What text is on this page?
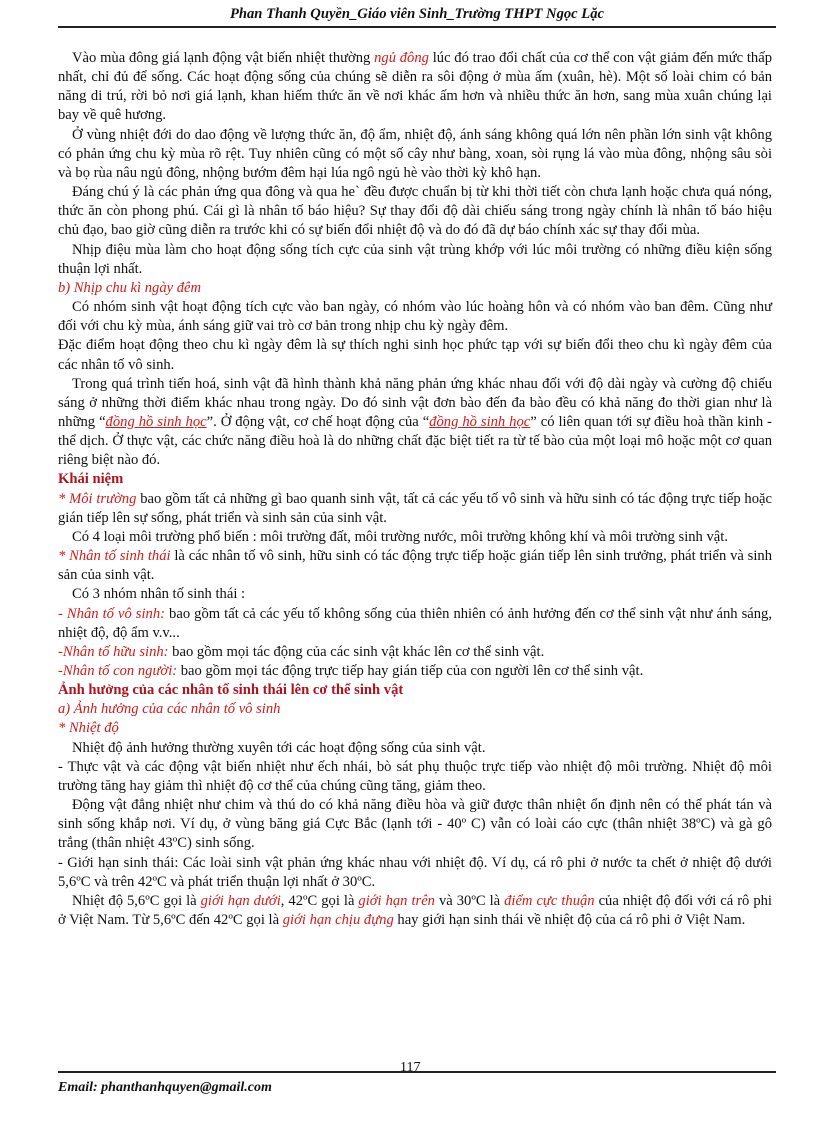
Phan Thanh Quyền_Giáo viên Sinh_Trường THPT Ngọc Lặc

Vào mùa đông giá lạnh động vật biến nhiệt thường ngủ đông lúc đó trao đổi chất của cơ thể con vật giảm đến mức thấp nhất, chỉ đủ để sống. Các hoạt động sống của chúng sẽ diễn ra sôi động ở mùa ấm (xuân, hè). Một số loài chim có bản năng di trú, rời bỏ nơi giá lạnh, khan hiếm thức ăn về nơi khác ấm hơn và nhiều thức ăn hơn, sang mùa xuân chúng lại bay về quê hương.

Ở vùng nhiệt đới do dao động về lượng thức ăn, độ ẩm, nhiệt độ, ánh sáng không quá lớn nên phần lớn sinh vật không có phản ứng chu kỳ mùa rõ rệt. Tuy nhiên cũng có một số cây như bàng, xoan, sòi rụng lá vào mùa đông, nhộng sâu sòi và bọ rùa nâu ngủ đông, nhộng bướm đêm hại lúa ngô ngủ hè vào thời kỳ khô hạn.

Đáng chú ý là các phản ứng qua đông và qua he` đều được chuẩn bị từ khi thời tiết còn chưa lạnh hoặc chưa quá nóng, thức ăn còn phong phú. Cái gì là nhân tố báo hiệu? Sự thay đổi độ dài chiếu sáng trong ngày chính là nhân tố báo hiệu chủ đạo, bao giờ cũng diễn ra trước khi có sự biến đổi nhiệt độ và do đó đã dự báo chính xác sự thay đổi mùa.

Nhịp điệu mùa làm cho hoạt động sống tích cực của sinh vật trùng khớp với lúc môi trường có những điều kiện sống thuận lợi nhất.

b) Nhịp chu kì ngày đêm

Có nhóm sinh vật hoạt động tích cực vào ban ngày, có nhóm vào lúc hoàng hôn và có nhóm vào ban đêm. Cũng như đối với chu kỳ mùa, ánh sáng giữ vai trò cơ bản trong nhịp chu kỳ ngày đêm.

Đặc điểm hoạt động theo chu kì ngày đêm là sự thích nghi sinh học phức tạp với sự biến đổi theo chu kì ngày đêm của các nhân tố vô sinh.

Trong quá trình tiến hoá, sinh vật đã hình thành khả năng phản ứng khác nhau đối với độ dài ngày và cường độ chiếu sáng ở những thời điểm khác nhau trong ngày. Do đó sinh vật đơn bào đến đa bào đều có khả năng đo thời gian như là những “đồng hồ sinh học”. Ở động vật, cơ chế hoạt động của “đồng hồ sinh học” có liên quan tới sự điều hoà thần kinh - thể dịch. Ở thực vật, các chức năng điều hoà là do những chất đặc biệt tiết ra từ tế bào của một loại mô hoặc một cơ quan riêng biệt nào đó.

Khái niệm

* Môi trường bao gồm tất cả những gì bao quanh sinh vật, tất cả các yếu tố vô sinh và hữu sinh có tác động trực tiếp hoặc gián tiếp lên sự sống, phát triển và sinh sản của sinh vật.

Có 4 loại môi trường phổ biến : môi trường đất, môi trường nước, môi trường không khí và môi trường sinh vật.

* Nhân tố sinh thái là các nhân tố vô sinh, hữu sinh có tác động trực tiếp hoặc gián tiếp lên sinh trưởng, phát triển và sinh sản của sinh vật.

Có 3 nhóm nhân tố sinh thái :

- Nhân tố vô sinh: bao gồm tất cả các yếu tố không sống của thiên nhiên có ảnh hưởng đến cơ thể sinh vật như ánh sáng, nhiệt độ, độ ẩm v.v...

-Nhân tố hữu sinh: bao gồm mọi tác động của các sinh vật khác lên cơ thể sinh vật.

-Nhân tố con người: bao gồm mọi tác động trực tiếp hay gián tiếp của con người lên cơ thể sinh vật.

Ảnh hưởng của các nhân tố sinh thái lên cơ thể sinh vật

a) Ảnh hưởng của các nhân tố vô sinh

* Nhiệt độ

Nhiệt độ ảnh hưởng thường xuyên tới các hoạt động sống của sinh vật.

- Thực vật và các động vật biến nhiệt như ếch nhái, bò sát phụ thuộc trực tiếp vào nhiệt độ môi trường. Nhiệt độ môi trường tăng hay giảm thì nhiệt độ cơ thể của chúng cũng tăng, giảm theo.

Động vật đẳng nhiệt như chim và thú do có khả năng điều hòa và giữ được thân nhiệt ổn định nên có thể phát tán và sinh sống khắp nơi. Ví dụ, ở vùng băng giá Cực Bắc (lạnh tới - 40º C) vẫn có loài cáo cực (thân nhiệt 38ºC) và gà gô trắng (thân nhiệt 43ºC) sinh sống.

- Giới hạn sinh thái: Các loài sinh vật phản ứng khác nhau với nhiệt độ. Ví dụ, cá rô phi ở nước ta chết ở nhiệt độ dưới 5,6ºC và trên 42ºC và phát triển thuận lợi nhất ở 30ºC.

Nhiệt độ 5,6ºC gọi là giới hạn dưới, 42ºC gọi là giới hạn trên và 30ºC là điểm cực thuận của nhiệt độ đối với cá rô phi ở Việt Nam. Từ 5,6ºC đến 42ºC gọi là giới hạn chịu đựng hay giới hạn sinh thái về nhiệt độ của cá rô phi ở Việt Nam.

117
Email: phanthanhquyen@gmail.com
